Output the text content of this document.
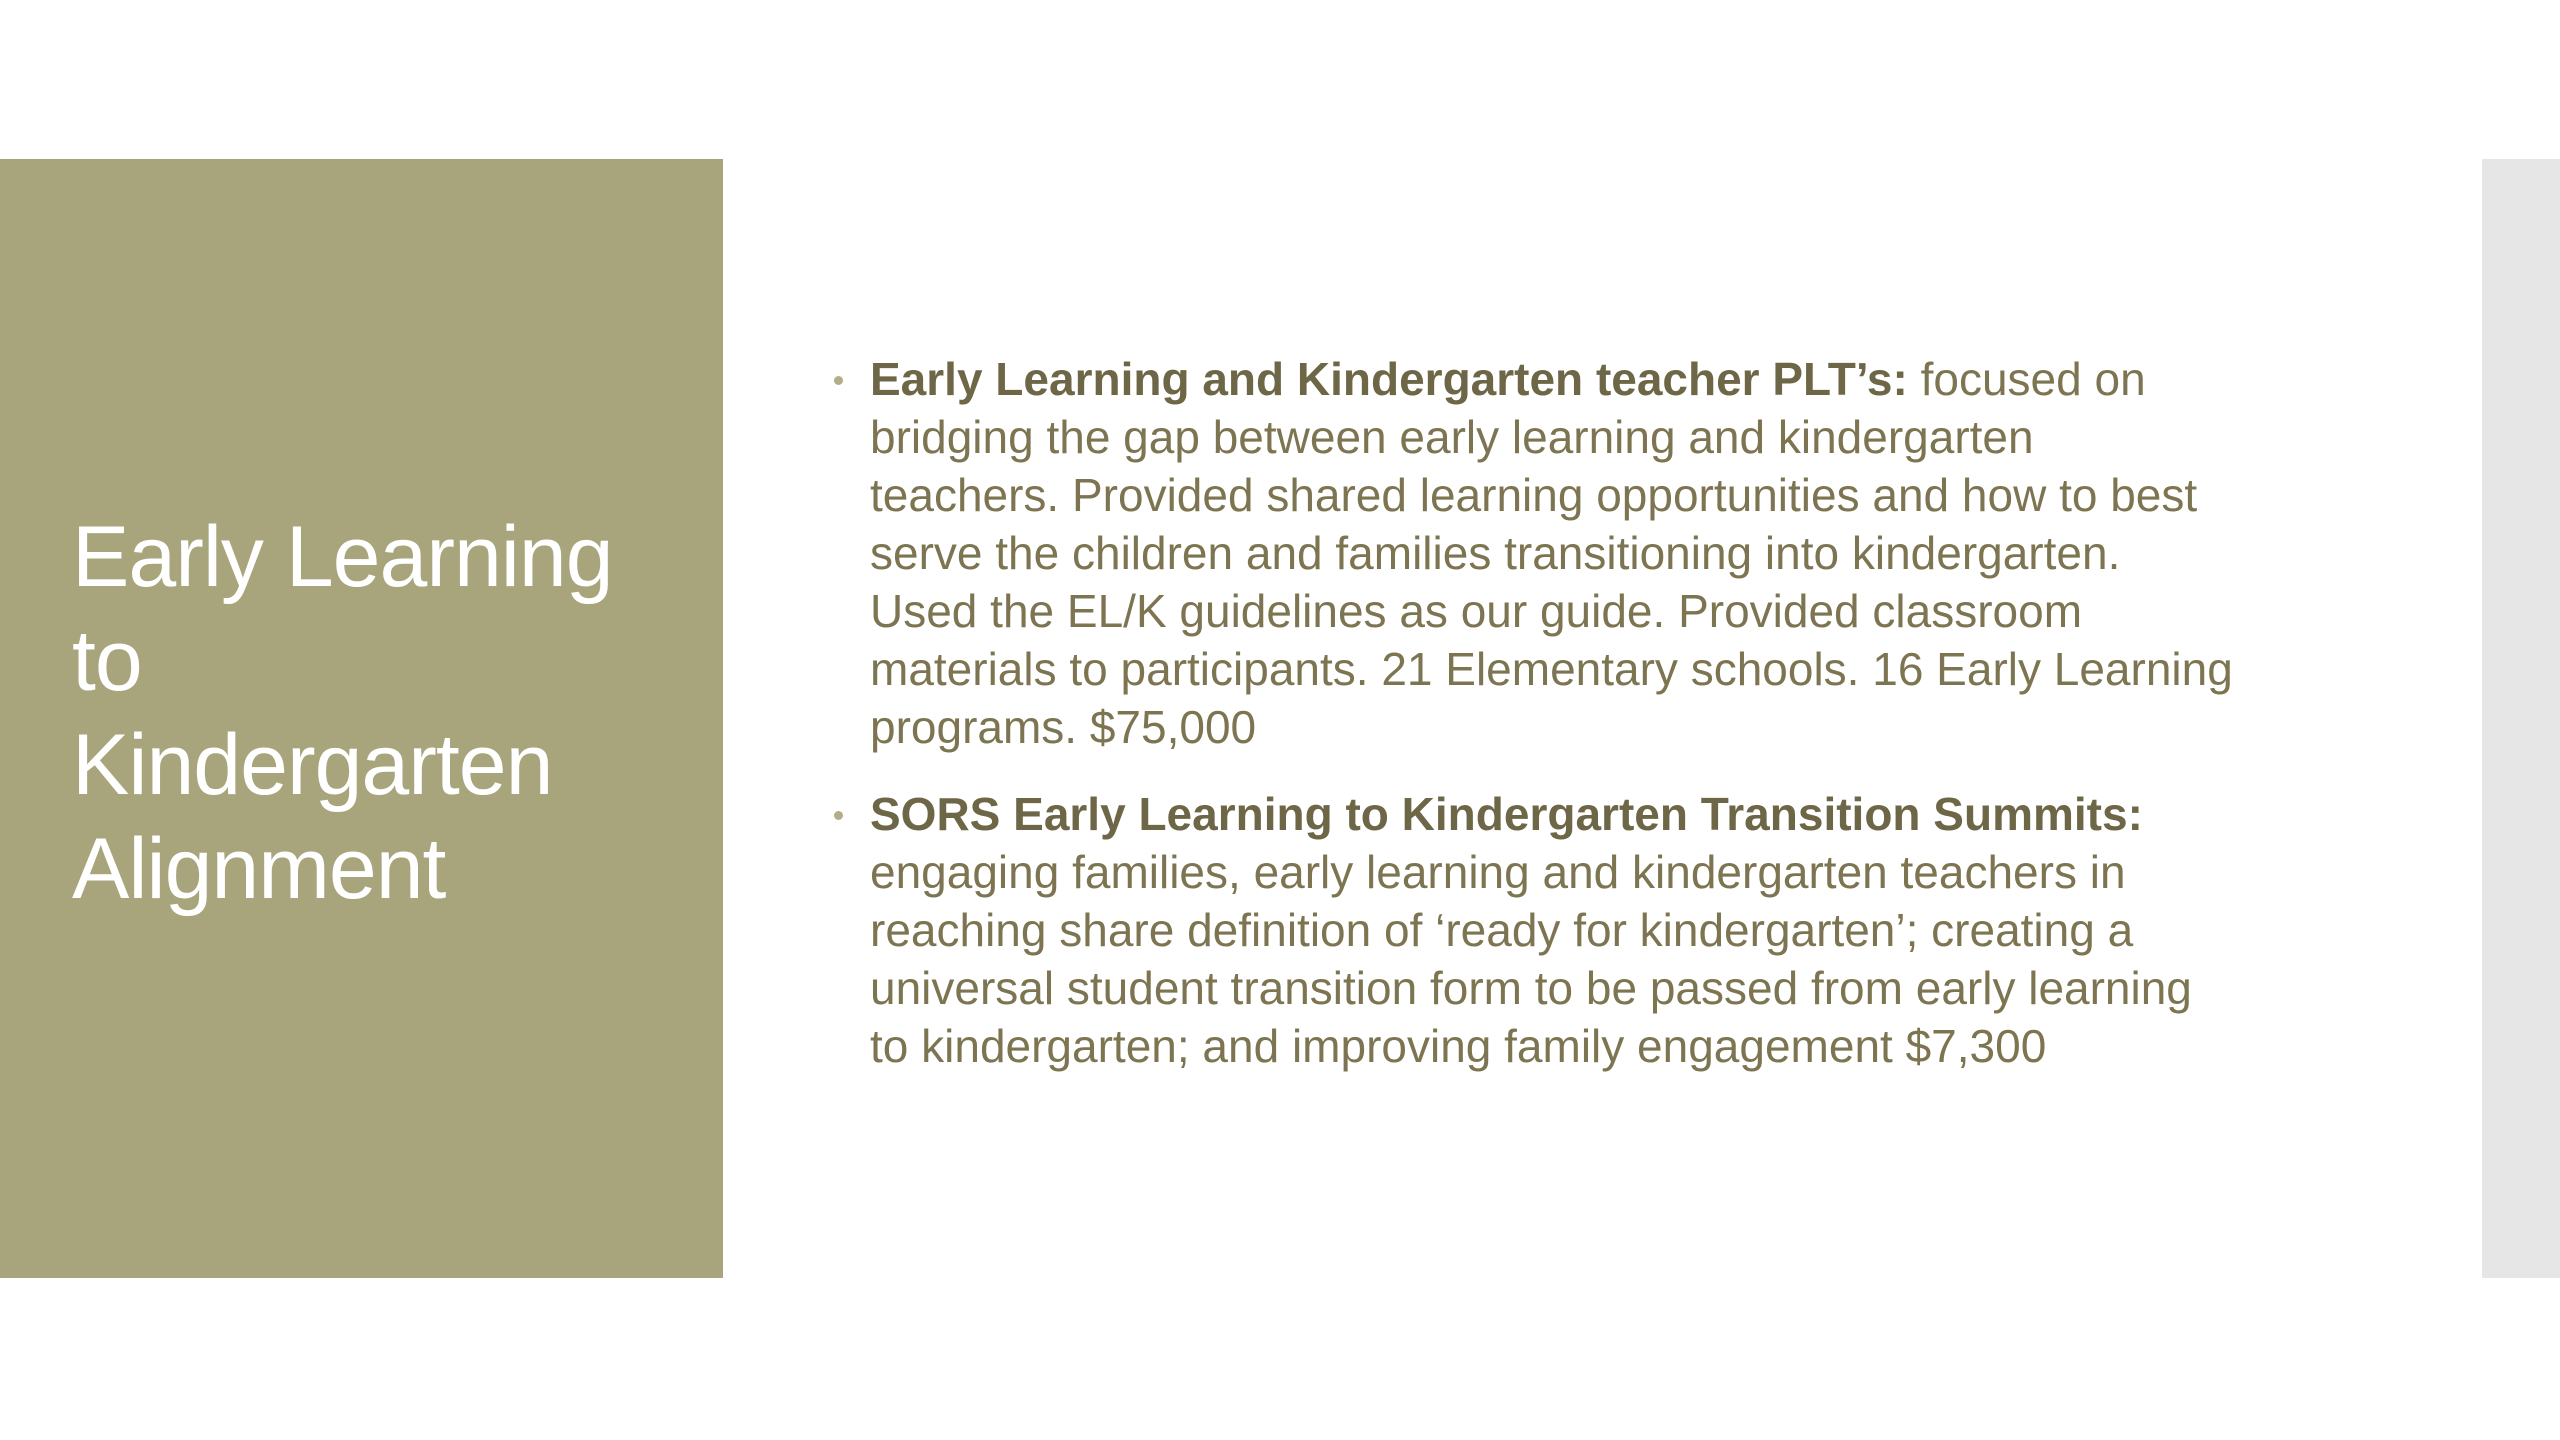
Early Learning
to
Kindergarten
Alignment
Early Learning and Kindergarten teacher PLT’s: focused on
bridging the gap between early learning and kindergarten
teachers. Provided shared learning opportunities and how to best
serve the children and families transitioning into kindergarten.
Used the EL/K guidelines as our guide. Provided classroom
materials to participants. 21 Elementary schools. 16 Early Learning
programs. $75,000
SORS Early Learning to Kindergarten Transition Summits:
engaging families, early learning and kindergarten teachers in
reaching share definition of ‘ready for kindergarten’; creating a
universal student transition form to be passed from early learning
to kindergarten; and improving family engagement $7,300
